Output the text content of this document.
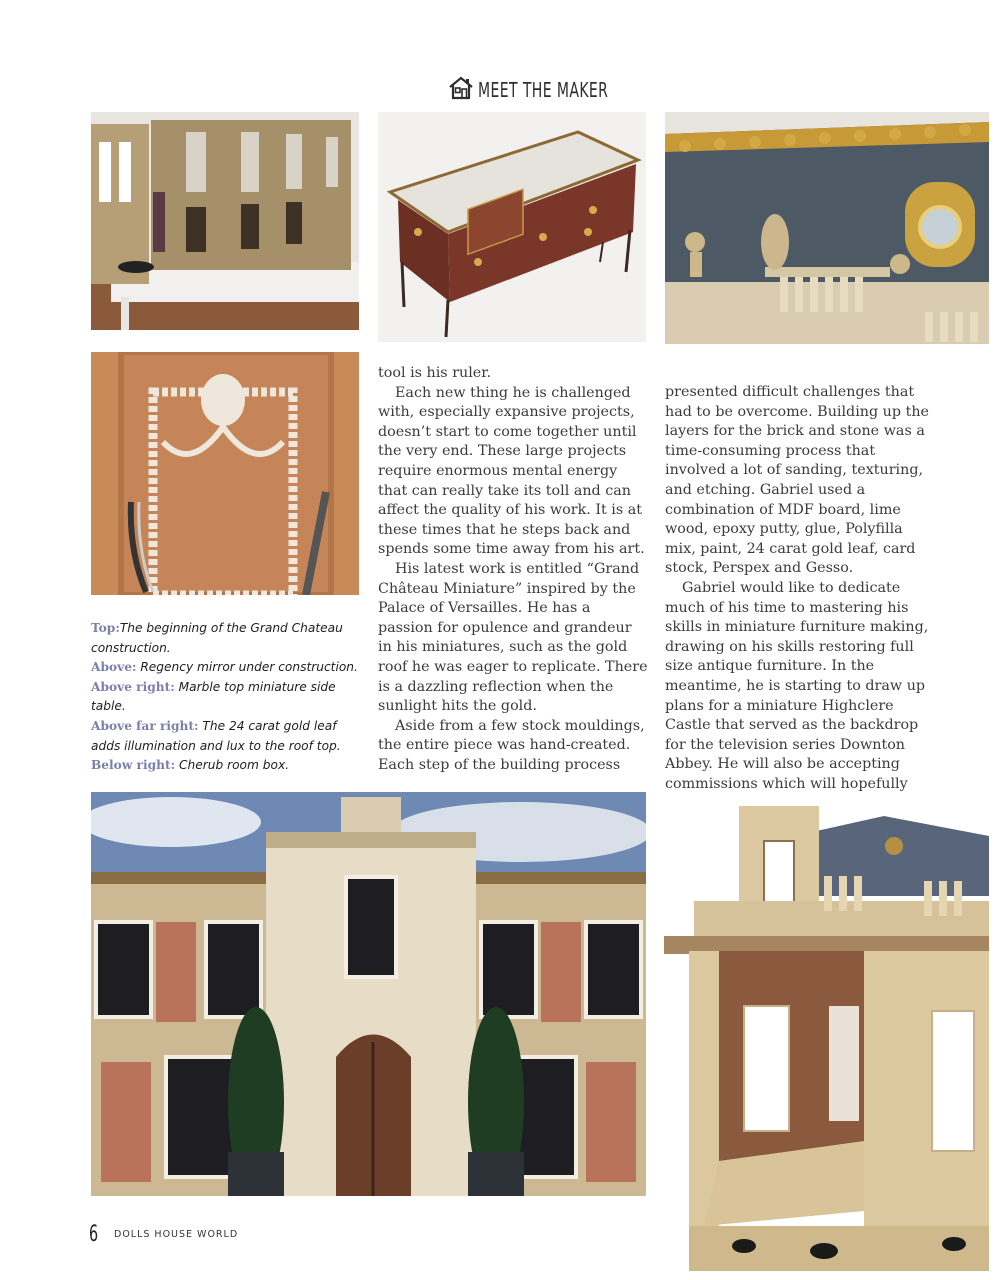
MEET THE MAKER
Top:The beginning of the Grand Chateau construction.
Above: Regency mirror under construction.
Above right: Marble top miniature side table.
Above far right: The 24 carat gold leaf adds illumination and lux to the roof top.
Below right: Cherub room box.

tool is his ruler.

Each new thing he is challenged with, especially expansive projects, doesn’t start to come together until the very end. These large projects require enormous mental energy that can really take its toll and can affect the quality of his work. It is at these times that he steps back and spends some time away from his art.

His latest work is entitled “Grand Château Miniature” inspired by the Palace of Versailles. He has a passion for opulence and grandeur in his miniatures, such as the gold roof he was eager to replicate. There is a dazzling reflection when the sunlight hits the gold.

Aside from a few stock mouldings, the entire piece was hand-created. Each step of the building process

presented difficult challenges that had to be overcome. Building up the layers for the brick and stone was a time-consuming process that involved a lot of sanding, texturing, and etching. Gabriel used a combination of MDF board, lime wood, epoxy putty, glue, Polyfilla mix, paint, 24 carat gold leaf, card stock, Perspex and Gesso.

Gabriel would like to dedicate much of his time to mastering his skills in miniature furniture making, drawing on his skills restoring full size antique furniture. In the meantime, he is starting to draw up plans for a miniature Highclere Castle that served as the backdrop for the television series Downton Abbey. He will also be accepting commissions which will hopefully

6 DOLLS HOUSE WORLD
